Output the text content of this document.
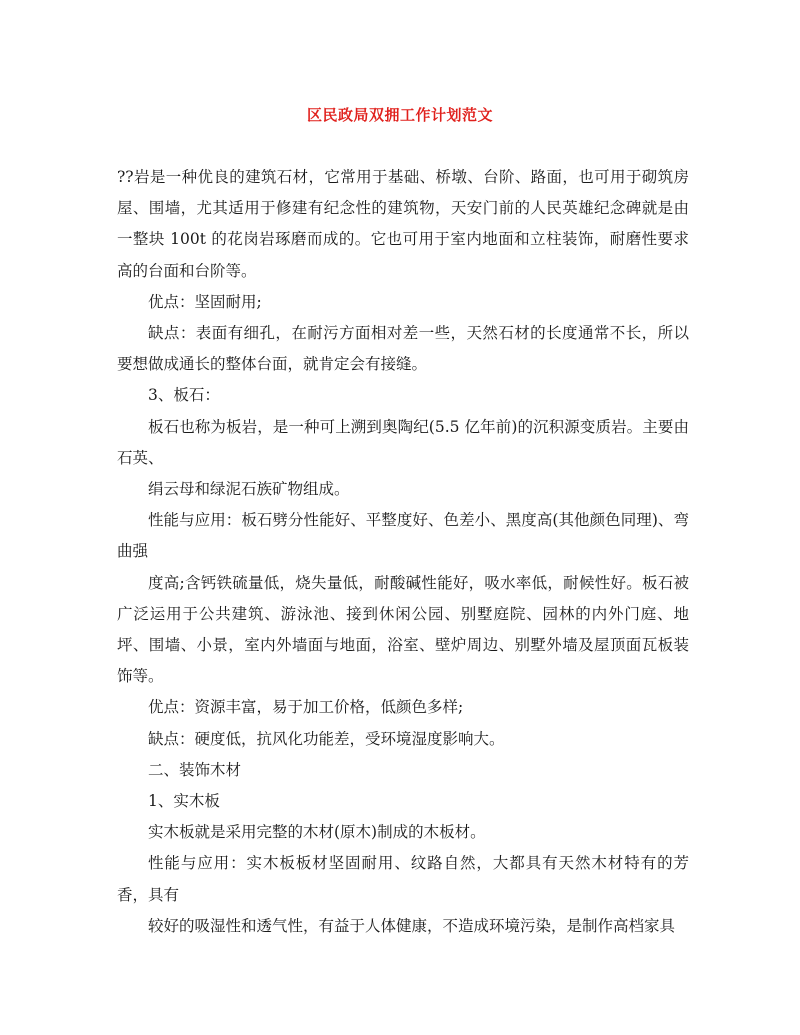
区民政局双拥工作计划范文

??岩是一种优良的建筑石材，它常用于基础、桥墩、台阶、路面，也可用于砌筑房屋、围墙，尤其适用于修建有纪念性的建筑物，天安门前的人民英雄纪念碑就是由一整块 100t 的花岗岩琢磨而成的。它也可用于室内地面和立柱装饰，耐磨性要求高的台面和台阶等。

优点：坚固耐用;

缺点：表面有细孔，在耐污方面相对差一些，天然石材的长度通常不长，所以要想做成通长的整体台面，就肯定会有接缝。

3、板石：

板石也称为板岩，是一种可上溯到奥陶纪(5.5 亿年前)的沉积源变质岩。主要由石英、

绢云母和绿泥石族矿物组成。

性能与应用：板石劈分性能好、平整度好、色差小、黑度高(其他颜色同理)、弯曲强

度高;含钙铁硫量低，烧失量低，耐酸碱性能好，吸水率低，耐候性好。板石被广泛运用于公共建筑、游泳池、接到休闲公园、别墅庭院、园林的内外门庭、地坪、围墙、小景，室内外墙面与地面，浴室、壁炉周边、别墅外墙及屋顶面瓦板装饰等。

优点：资源丰富，易于加工价格，低颜色多样;

缺点：硬度低，抗风化功能差，受环境湿度影响大。

二、装饰木材

1、实木板

实木板就是采用完整的木材(原木)制成的木板材。

性能与应用：实木板板材坚固耐用、纹路自然，大都具有天然木材特有的芳香，具有

较好的吸湿性和透气性，有益于人体健康，不造成环境污染，是制作高档家具
